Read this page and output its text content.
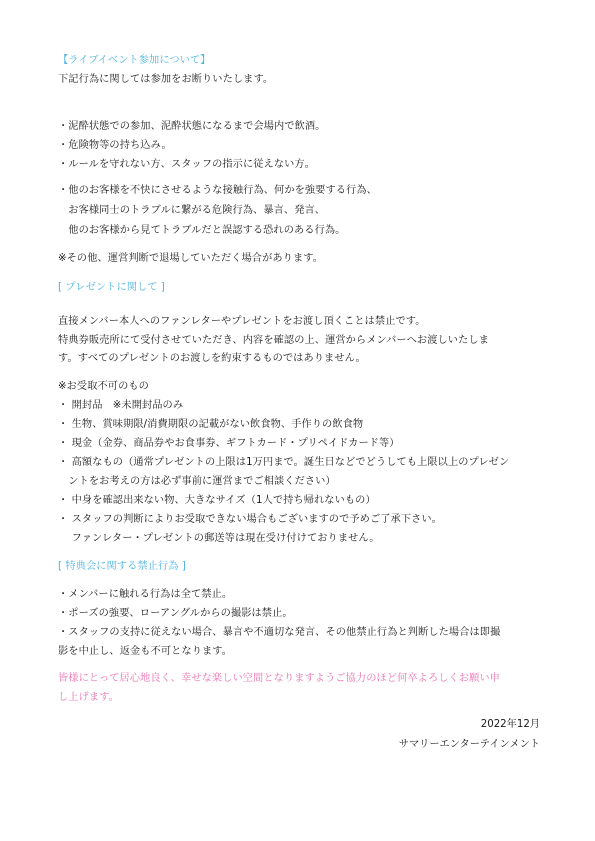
【ライブイベント参加について】
下記行為に関しては参加をお断りいたします。
・泥酔状態での参加、泥酔状態になるまで会場内で飲酒。
・危険物等の持ち込み。
・ルールを守れない方、スタッフの指示に従えない方。
・他のお客様を不快にさせるような接触行為、何かを強要する行為、
　お客様同士のトラブルに繋がる危険行為、暴言、発言、
　他のお客様から見てトラブルだと誤認する恐れのある行為。
※その他、運営判断で退場していただく場合があります。
[ プレゼントに関して ]
直接メンバー本人へのファンレターやプレゼントをお渡し頂くことは禁止です。
特典券販売所にて受付させていただき、内容を確認の上、運営からメンバーへお渡しいたしま
す。すべてのプレゼントのお渡しを約束するものではありません。
※お受取不可のもの
・ 開封品　※未開封品のみ
・ 生物、賞味期限/消費期限の記載がない飲食物、手作りの飲食物
・ 現金（金券、商品券やお食事券、ギフトカード・プリペイドカード等）
・ 高額なもの（通常プレゼントの上限は1万円まで。誕生日などでどうしても上限以上のプレゼン
　ントをお考えの方は必ず事前に運営までご相談ください）
・ 中身を確認出来ない物、大きなサイズ（1人で持ち帰れないもの）
・ スタッフの判断によりお受取できない場合もございますので予めご了承下さい。
　 ファンレター・プレゼントの郵送等は現在受け付けておりません。
[ 特典会に関する禁止行為 ]
・メンバーに触れる行為は全て禁止。
・ポーズの強要、ローアングルからの撮影は禁止。
・スタッフの支持に従えない場合、暴言や不適切な発言、その他禁止行為と判断した場合は即撮
影を中止し、返金も不可となります。
皆様にとって居心地良く、幸せな楽しい空間となりますようご協力のほど何卒よろしくお願い申
し上げます。
2022年12月
サマリーエンターテインメント
